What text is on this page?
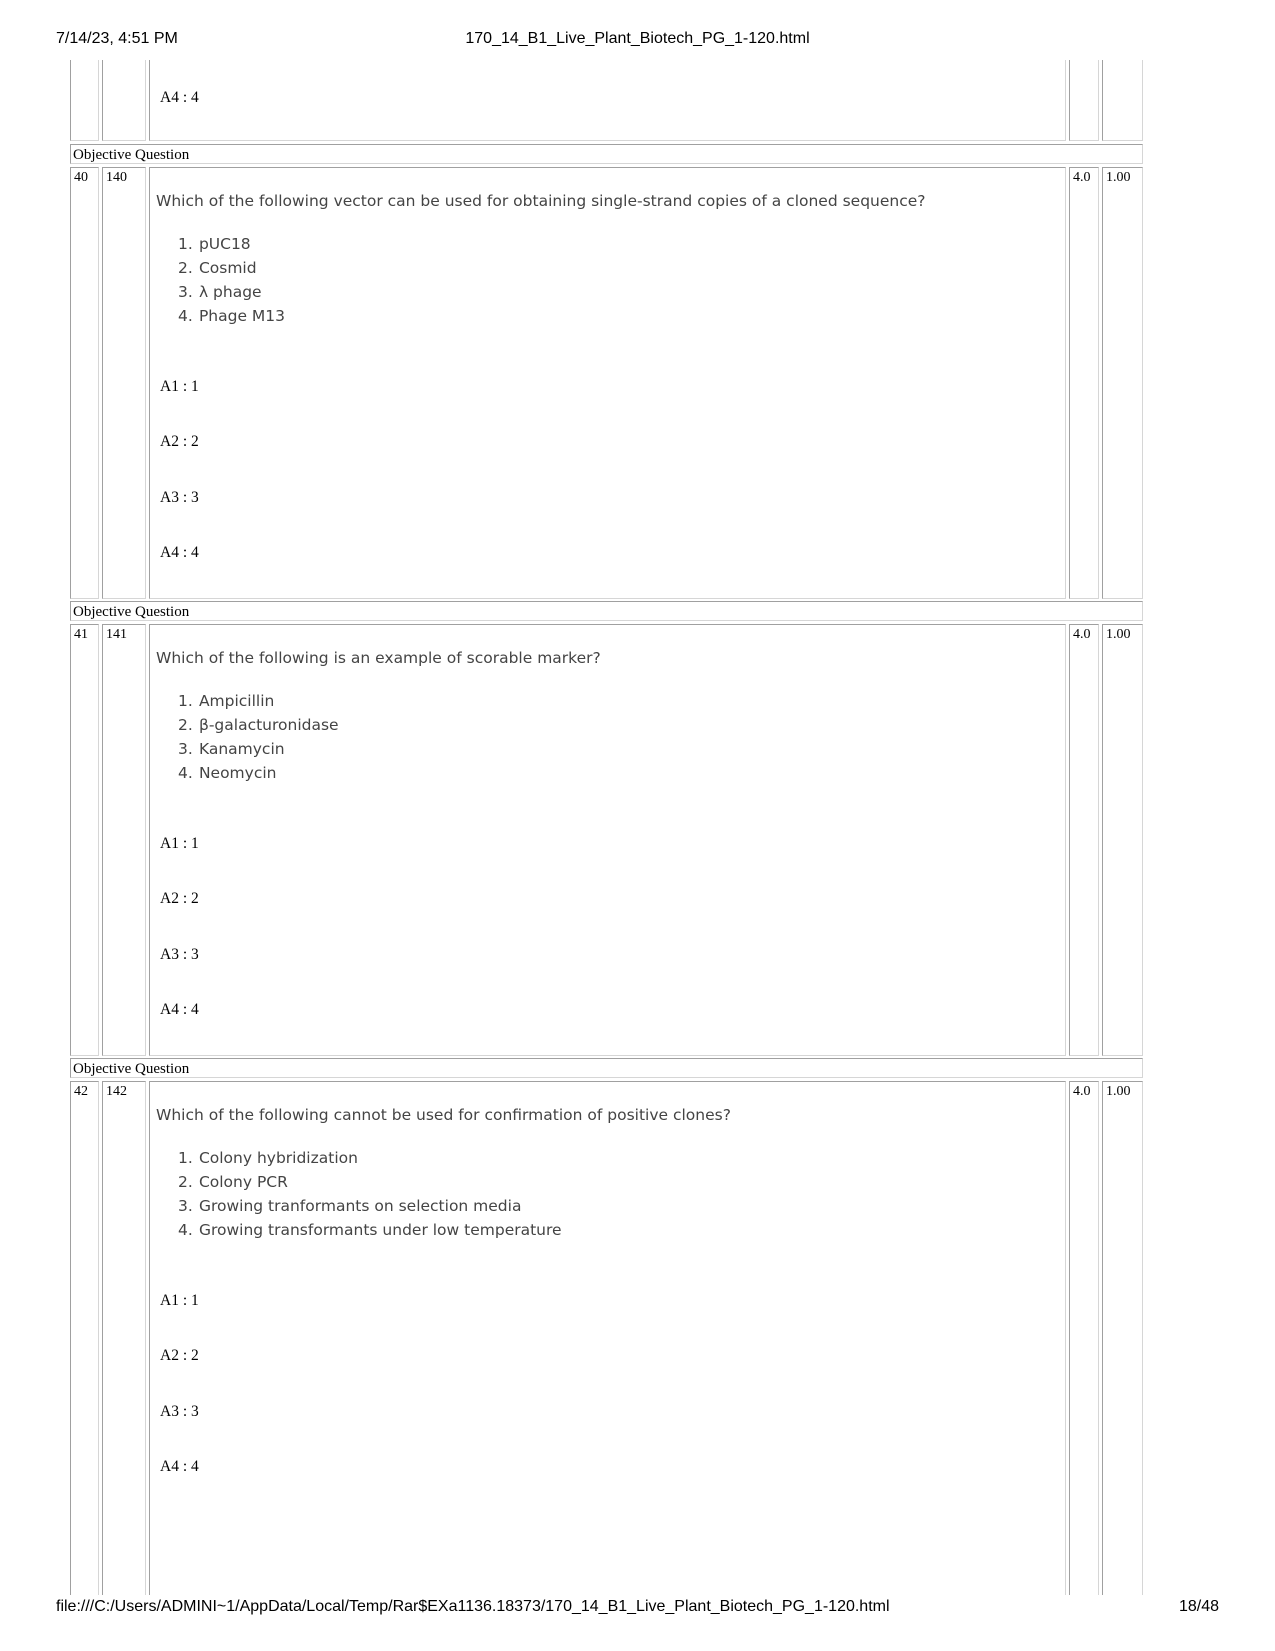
7/14/23, 4:51 PM	170_14_B1_Live_Plant_Biotech_PG_1-120.html
A4 : 4
Objective Question
40	140
Which of the following vector can be used for obtaining single-strand copies of a cloned sequence?
1. pUC18
2. Cosmid
3. λ phage
4. Phage M13
A1 : 1
A2 : 2
A3 : 3
A4 : 4
4.0	1.00
Objective Question
41	141
Which of the following is an example of scorable marker?
1. Ampicillin
2. β-galacturonidase
3. Kanamycin
4. Neomycin
A1 : 1
A2 : 2
A3 : 3
A4 : 4
4.0	1.00
Objective Question
42	142
Which of the following cannot be used for confirmation of positive clones?
1. Colony hybridization
2. Colony PCR
3. Growing tranformants on selection media
4. Growing transformants under low temperature
A1 : 1
A2 : 2
A3 : 3
A4 : 4
4.0	1.00
file:///C:/Users/ADMINI~1/AppData/Local/Temp/Rar$EXa1136.18373/170_14_B1_Live_Plant_Biotech_PG_1-120.html	18/48
